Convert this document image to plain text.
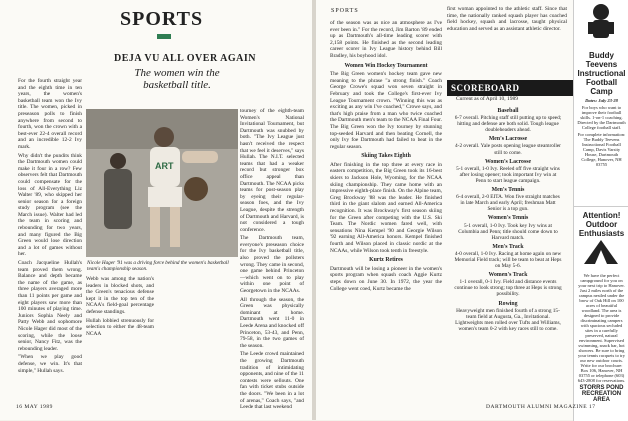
SPORTS
DEJA VU ALL OVER AGAIN
The women win the basketball title.

For the fourth straight year and the eighth time in ten years, the women's basketball team won the Ivy title. The women, picked in preseason polls to finish anywhere from second to fourth, won the crown with a best-ever 22-4 overall record and an incredible 12-2 Ivy mark.

Why didn't the pundits think the Dartmouth women could make it four in a row? Few observers felt that Dartmouth could compensate for the loss of All-Everything Liz Walter '89, who skipped her senior season for a foreign study program (see the March issue). Walter had led the team in scoring and rebounding for two years, and many figured the Big Green would lose direction and a lot of games without her.

Coach Jacqueline Hullah's team proved them wrong. Balance and depth became the name of the game, as three players averaged more than 11 points per game and eight players saw more than 100 minutes of playing time. Juniors Sophia Neely and Patty Webb and sophomore Nicole Hager did most of the scoring, while the loose senior, Nancy Fitz, was the rebounding leader.

"When we play good defense, we win. It's that simple," Hullah says.

ART
Nicole Hager '91 was a driving force behind the women's basketball team's championship season.

Webb was among the nation's leaders in blocked shots, and the Green's tenacious defense kept it in the top ten of the NCAA's field-goal percentage defense standings.

Hullah lobbied strenuously for selection to either the 48-team NCAA

tourney of the eighth-team Women's National Invitational Tournament, but Dartmouth was snubbed by both. "The Ivy League just hasn't received the respect that we feel it deserves," says Hullah. The N.I.T. selected teams that had a weaker record but stronger box office appeal than Dartmouth. The NCAA picks teams for post-season play by eyeing their regular-season foes, and the Ivy League, despite the strength of Dartmouth and Harvard, is not considered a tough conference.

The Dartmouth team, everyone's preseason choice for the Ivy basketball title, also proved the pollsters wrong. They came in second, one game behind Princeton—which went on to play within one point of Georgetown in the NCAAs.

All through the season, the Green was physically dominant at home. Dartmouth went 11-0 in Leede Arena and knocked off Princeton, 53-43, and Penn, 79-58, in the two games of the season.

The Leede crowd maintained the growing Dartmouth tradition of intimidating opponents, and nine of the 11 contests were sellouts. One fan with ticket stubs outside the doors. "We been in a lot of arenas," Coach says, "and Leede that last weekend

16 MAY 1989
SPORTS

of the season was as nice an atmosphere as I've ever been in." For the record, Jim Barton '89 ended up as Dartmouth's all-time leading scorer with 2,158 points. He finished as the second leading career scorer in Ivy League history behind Bill Bradley, his boyhood idol.

Women Win Hockey Tournament

The Big Green women's hockey team gave new meaning to the phrase "a strong finish." Coach George Crowe's squad won seven straight in February and took the College's first-ever Ivy League Tournament crown. "Winning this was as exciting as any win I've coached," Crowe says, and that's high praise from a man who twice coached the Dartmouth men's team to the NCAA Final Four. The Big Green won the Ivy tourney by stunning top-seeded Harvard and then beating Cornell, the only Ivy foe Dartmouth had failed to beat in the regular season.

Skiing Takes Eighth

After finishing in the top three at every race in eastern competition, the Big Green took its 16-best skiers to Jackson Hole, Wyoming, for the NCAA skiing championship. They came home with an impressive eighth-place finish. On the Alpine team, Greg Brockway '88 was the leader. He finished third in the giant slalom and earned All-America recognition. It was Brockway's first season skiing for the Green after competing with the U.S. Ski Team. The Nordic women fared well, with sensations Nina Kempel '90 and Georgie Wilson '92 earning All-America honors. Kempel finished fourth and Wilson placed in classic nordic at the NCAAs, while Wilson took tenth in freestyle.

Kurtz Retires

Dartmouth will be losing a pioneer in the women's sports program when squash coach Aggie Kurtz steps down on June 30. In 1972, the year the College went coed, Kurtz became the

first woman appointed to the athletic staff. Since that time, the nationally ranked squash player has coached field hockey, squash and lacrosse, taught physical education and served as an assistant athletic director.

SCOREBOARD
Current as of April 10, 1989
Baseball

6-7 overall. Pitching staff still putting up to speed; hitting and defense are both solid. Tough league doubleheaders ahead.

Men's Lacrosse

4-2 overall. Yale posts opening league steamroller still to come.

Women's Lacrosse

5-1 overall, 1-0 Ivy. Reeled off five straight wins after losing opener; took important Ivy win at Penn to start league campaign.

Men's Tennis

6-4 overall, 2-0 EITA. Won five straight matches in late March and early April; freshman Matt Senior is a top gun.

Women's Tennis

5-1 overall, 1-0 Ivy. Took key Ivy wins at Columbia and Penn; title should come down to Harvard match.

Men's Track

4-0 overall, 1-0 Ivy. Racing at home again on new Memorial Field track; will be team to beat at Heps on May 5-6.

Women's Track

1-1 overall, 0-1 Ivy. Field and distance events continue to look strong; top three at Heps is strong possibility.

Rowing

Heavyweight men finished fourth of a strong 15-team field at Augusta, Ga., Invitational. Lightweights men rolled over Tufts and Williams, women's team 0-2 with key races still to come.

Buddy Teevens Instructional Football Camp
Dates: July 23-28
For boys who want to improve their football skills. 1-on-1 coaching. Directed by the Dartmouth College football staff.
For complete information: The Buddy Teevens Instructional Football Camp, Davis Varsity House, Dartmouth College, Hanover, NH 03755
Attention! Outdoor Enthusiasts
We have the perfect campground for you on your next trip to Hanover. Just 2 miles north of the campus nestled under the brow of Oak Hill on 100 acres of beautiful woodland. The area is designed to provide discriminating campers with spacious secluded sites in a carefully preserved, natural environment. Supervised swimming, snack bar, hot showers. Be sure to bring your tennis racquets to try our new outdoor courts. Write for our brochure: Box 106, Hanover, NH 03755 or telephone (603) 643-2808 for reservations.
STORRS POND RECREATION AREA
DARTMOUTH ALUMNI MAGAZINE 17
